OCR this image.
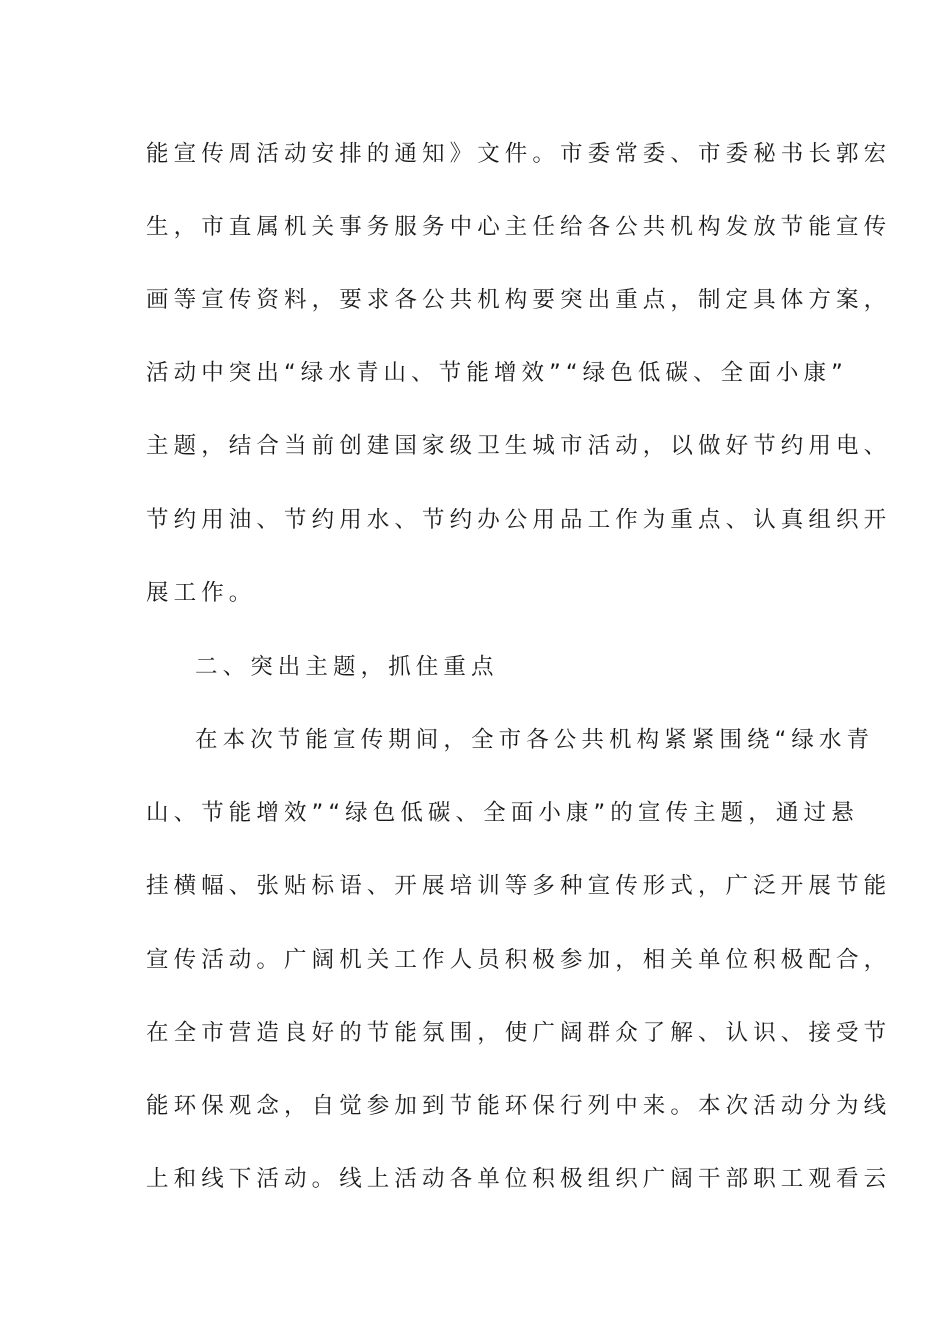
能宣传周活动安排的通知》文件。市委常委、市委秘书长郭宏
生，市直属机关事务服务中心主任给各公共机构发放节能宣传
画等宣传资料，要求各公共机构要突出重点，制定具体方案，
活动中突出“绿水青山、节能增效”“绿色低碳、全面小康”
主题，结合当前创建国家级卫生城市活动，以做好节约用电、
节约用油、节约用水、节约办公用品工作为重点、认真组织开
展工作。
二、突出主题，抓住重点
在本次节能宣传期间，全市各公共机构紧紧围绕“绿水青
山、节能增效”“绿色低碳、全面小康”的宣传主题，通过悬
挂横幅、张贴标语、开展培训等多种宣传形式，广泛开展节能
宣传活动。广阔机关工作人员积极参加，相关单位积极配合，
在全市营造良好的节能氛围，使广阔群众了解、认识、接受节
能环保观念，自觉参加到节能环保行列中来。本次活动分为线
上和线下活动。线上活动各单位积极组织广阔干部职工观看云
